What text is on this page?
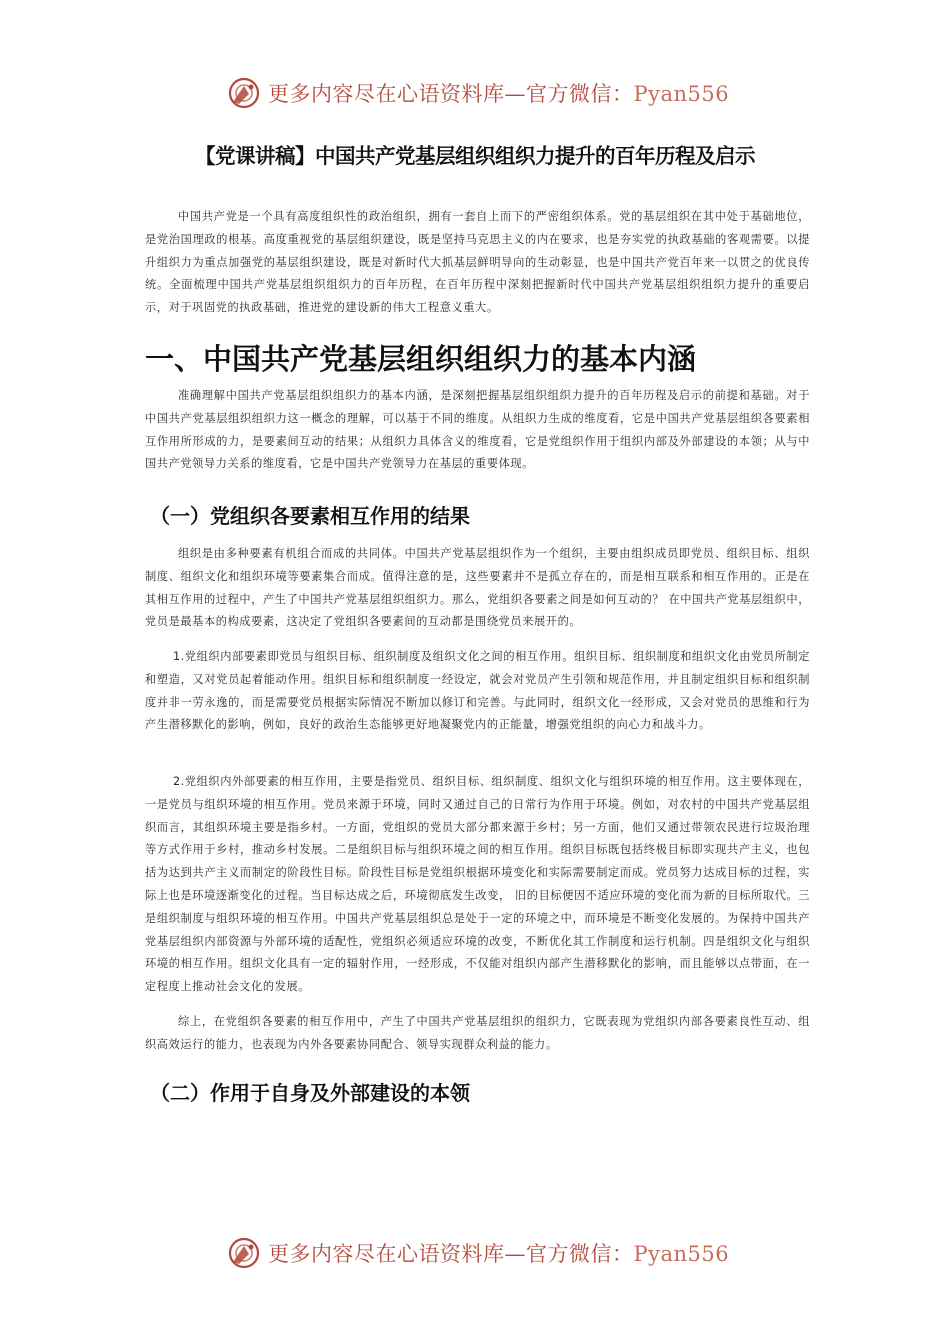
更多内容尽在心语资料库—官方微信：Pyan556
【党课讲稿】中国共产党基层组织组织力提升的百年历程及启示

中国共产党是一个具有高度组织性的政治组织，拥有一套自上而下的严密组织体系。党的基层组织在其中处于基础地位，是党治国理政的根基。高度重视党的基层组织建设，既是坚持马克思主义的内在要求，也是夯实党的执政基础的客观需要。以提升组织力为重点加强党的基层组织建设，既是对新时代大抓基层鲜明导向的生动彰显，也是中国共产党百年来一以贯之的优良传统。全面梳理中国共产党基层组织组织力的百年历程，在百年历程中深刻把握新时代中国共产党基层组织组织力提升的重要启示，对于巩固党的执政基础，推进党的建设新的伟大工程意义重大。

一、中国共产党基层组织组织力的基本内涵

准确理解中国共产党基层组织组织力的基本内涵，是深刻把握基层组织组织力提升的百年历程及启示的前提和基础。对于中国共产党基层组织组织力这一概念的理解，可以基于不同的维度。从组织力生成的维度看，它是中国共产党基层组织各要素相互作用所形成的力，是要素间互动的结果；从组织力具体含义的维度看，它是党组织作用于组织内部及外部建设的本领；从与中国共产党领导力关系的维度看，它是中国共产党领导力在基层的重要体现。

（一）党组织各要素相互作用的结果

组织是由多种要素有机组合而成的共同体。中国共产党基层组织作为一个组织，主要由组织成员即党员、组织目标、组织制度、组织文化和组织环境等要素集合而成。值得注意的是，这些要素并不是孤立存在的，而是相互联系和相互作用的。正是在其相互作用的过程中，产生了中国共产党基层组织组织力。那么，党组织各要素之间是如何互动的？ 在中国共产党基层组织中，党员是最基本的构成要素，这决定了党组织各要素间的互动都是围绕党员来展开的。

1.党组织内部要素即党员与组织目标、组织制度及组织文化之间的相互作用。组织目标、组织制度和组织文化由党员所制定和塑造，又对党员起着能动作用。组织目标和组织制度一经设定，就会对党员产生引领和规范作用，并且制定组织目标和组织制度并非一劳永逸的，而是需要党员根据实际情况不断加以修订和完善。与此同时，组织文化一经形成，又会对党员的思维和行为产生潜移默化的影响，例如，良好的政治生态能够更好地凝聚党内的正能量，增强党组织的向心力和战斗力。

2.党组织内外部要素的相互作用，主要是指党员、组织目标、组织制度、组织文化与组织环境的相互作用。这主要体现在，一是党员与组织环境的相互作用。党员来源于环境，同时又通过自己的日常行为作用于环境。例如，对农村的中国共产党基层组织而言，其组织环境主要是指乡村。一方面，党组织的党员大部分都来源于乡村；另一方面，他们又通过带领农民进行垃圾治理等方式作用于乡村，推动乡村发展。二是组织目标与组织环境之间的相互作用。组织目标既包括终极目标即实现共产主义，也包括为达到共产主义而制定的阶段性目标。阶段性目标是党组织根据环境变化和实际需要制定而成。党员努力达成目标的过程，实际上也是环境逐渐变化的过程。当目标达成之后，环境彻底发生改变， 旧的目标便因不适应环境的变化而为新的目标所取代。三是组织制度与组织环境的相互作用。中国共产党基层组织总是处于一定的环境之中，而环境是不断变化发展的。为保持中国共产党基层组织内部资源与外部环境的适配性，党组织必须适应环境的改变，不断优化其工作制度和运行机制。四是组织文化与组织环境的相互作用。组织文化具有一定的辐射作用，一经形成，不仅能对组织内部产生潜移默化的影响，而且能够以点带面，在一定程度上推动社会文化的发展。

综上，在党组织各要素的相互作用中，产生了中国共产党基层组织的组织力，它既表现为党组织内部各要素良性互动、组织高效运行的能力，也表现为内外各要素协同配合、领导实现群众利益的能力。

（二）作用于自身及外部建设的本领
更多内容尽在心语资料库—官方微信：Pyan556
